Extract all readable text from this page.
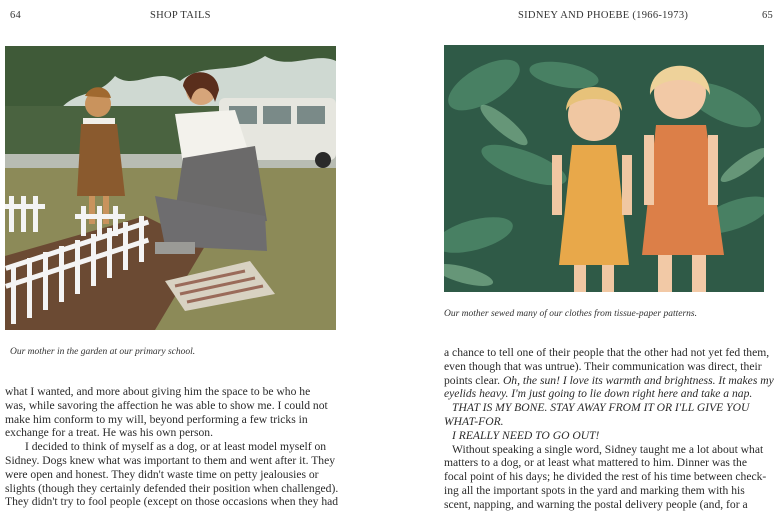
64	SHOP TAILS
Our mother in the garden at our primary school.
what I wanted, and more about giving him the space to be who he
was, while savoring the affection he was able to show me. I could not
make him conform to my will, beyond performing a few tricks in
exchange for a treat. He was his own person.
I decided to think of myself as a dog, or at least model myself on
Sidney. Dogs knew what was important to them and went after it. They
were open and honest. They didn't waste time on petty jealousies or
slights (though they certainly defended their position when challenged).
They didn't try to fool people (except on those occasions when they had
SIDNEY AND PHOEBE (1966-1973)	65
Our mother sewed many of our clothes from tissue-paper patterns.
a chance to tell one of their people that the other had not yet fed them,
even though that was untrue). Their communication was direct, their
points clear. Oh, the sun! I love its warmth and brightness. It makes my
eyelids heavy. I'm just going to lie down right here and take a nap.
THAT IS MY BONE. STAY AWAY FROM IT OR I'LL GIVE YOU
WHAT-FOR.
I REALLY NEED TO GO OUT!
Without speaking a single word, Sidney taught me a lot about what
matters to a dog, or at least what mattered to him. Dinner was the
focal point of his days; he divided the rest of his time between check-
ing all the important spots in the yard and marking them with his
scent, napping, and warning the postal delivery people (and, for a
